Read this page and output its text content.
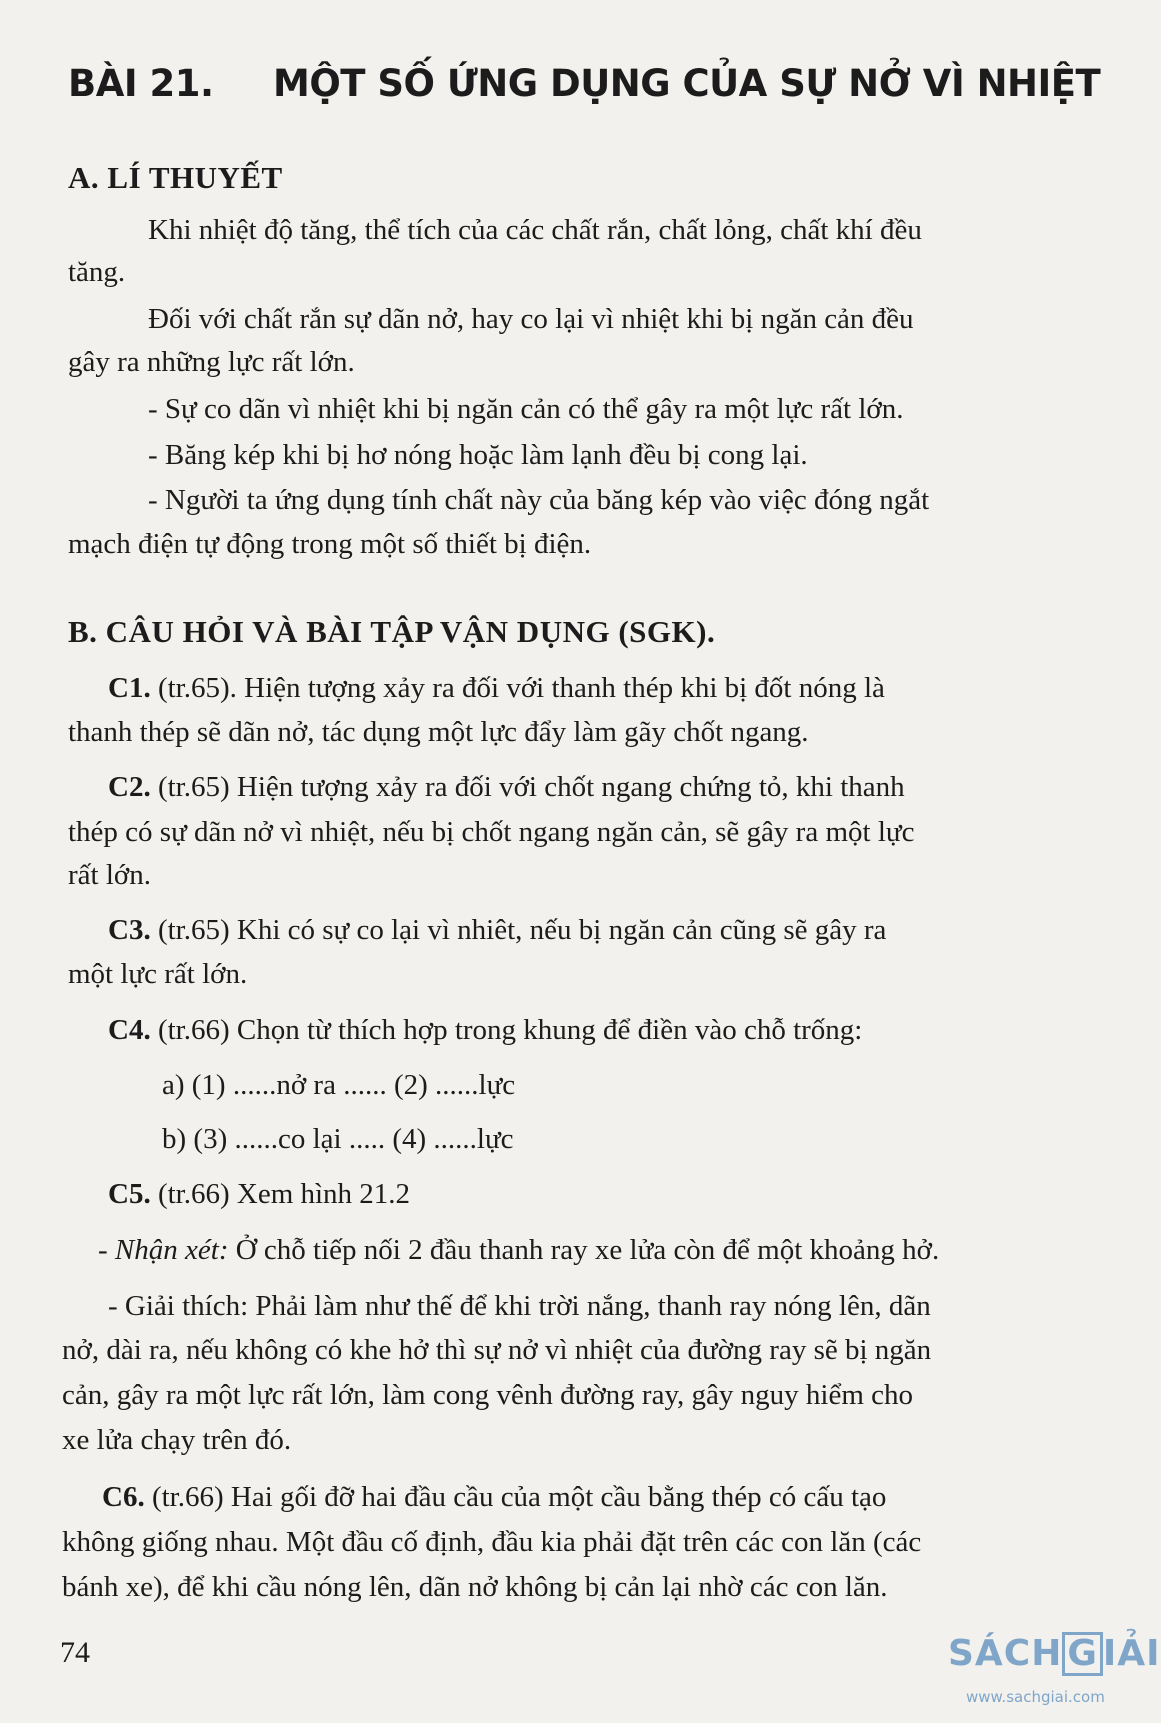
BÀI 21. MỘT SỐ ỨNG DỤNG CỦA SỰ NỞ VÌ NHIỆT
A. LÍ THUYẾT
Khi nhiệt độ tăng, thể tích của các chất rắn, chất lỏng, chất khí đều
tăng.
Đối với chất rắn sự dãn nở, hay co lại vì nhiệt khi bị ngăn cản đều
gây ra những lực rất lớn.
- Sự co dãn vì nhiệt khi bị ngăn cản có thể gây ra một lực rất lớn.
- Băng kép khi bị hơ nóng hoặc làm lạnh đều bị cong lại.
- Người ta ứng dụng tính chất này của băng kép vào việc đóng ngắt
mạch điện tự động trong một số thiết bị điện.
B. CÂU HỎI VÀ BÀI TẬP VẬN DỤNG (SGK).
C1. (tr.65). Hiện tượng xảy ra đối với thanh thép khi bị đốt nóng là
thanh thép sẽ dãn nở, tác dụng một lực đẩy làm gãy chốt ngang.
C2. (tr.65) Hiện tượng xảy ra đối với chốt ngang chứng tỏ, khi thanh
thép có sự dãn nở vì nhiệt, nếu bị chốt ngang ngăn cản, sẽ gây ra một lực
rất lớn.
C3. (tr.65) Khi có sự co lại vì nhiêt, nếu bị ngăn cản cũng sẽ gây ra
một lực rất lớn.
C4. (tr.66) Chọn từ thích hợp trong khung để điền vào chỗ trống:
a) (1) ......nở ra ...... (2) ......lực
b) (3) ......co lại ..... (4) ......lực
C5. (tr.66) Xem hình 21.2
- Nhận xét: Ở chỗ tiếp nối 2 đầu thanh ray xe lửa còn để một khoảng hở.
- Giải thích: Phải làm như thế để khi trời nắng, thanh ray nóng lên, dãn
nở, dài ra, nếu không có khe hở thì sự nở vì nhiệt của đường ray sẽ bị ngăn
cản, gây ra một lực rất lớn, làm cong vênh đường ray, gây nguy hiểm cho
xe lửa chạy trên đó.
C6. (tr.66) Hai gối đỡ hai đầu cầu của một cầu bằng thép có cấu tạo
không giống nhau. Một đầu cố định, đầu kia phải đặt trên các con lăn (các
bánh xe), để khi cầu nóng lên, dãn nở không bị cản lại nhờ các con lăn.
74	SÁCH G IẢI
www.sachgiai.com
